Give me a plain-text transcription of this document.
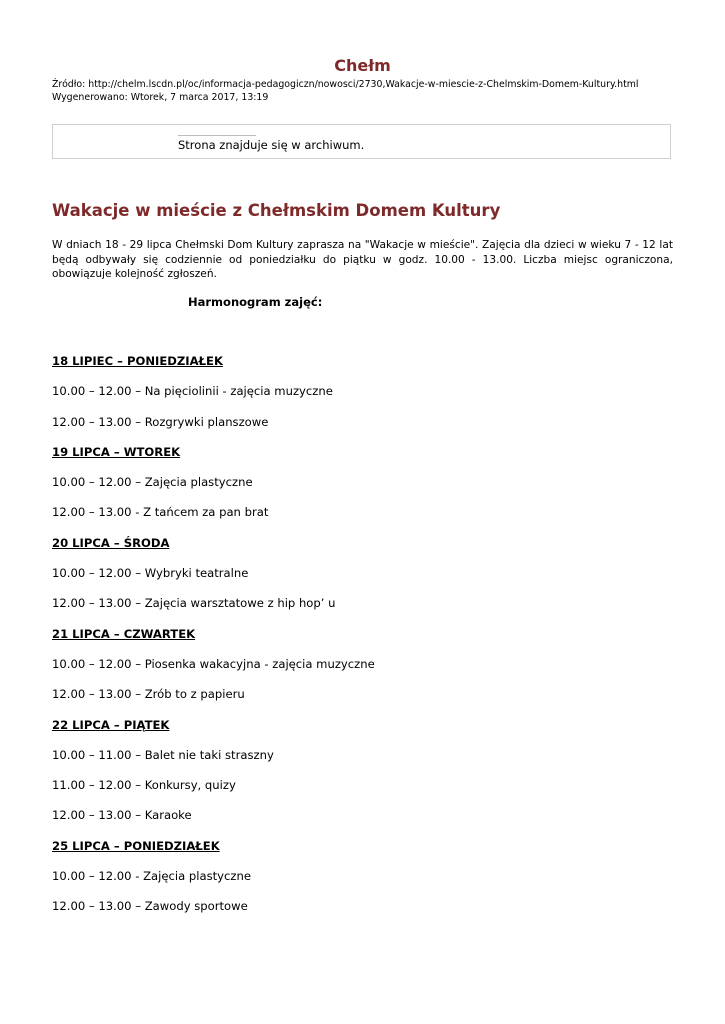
Chełm
Źródło: http://chelm.lscdn.pl/oc/informacja-pedagogiczn/nowosci/2730,Wakacje-w-miescie-z-Chelmskim-Domem-Kultury.html
Wygenerowano: Wtorek, 7 marca 2017, 13:19
Strona znajduje się w archiwum.
Wakacje w mieście z Chełmskim Domem Kultury

W dniach 18 - 29 lipca Chełmski Dom Kultury zaprasza na "Wakacje w mieście". Zajęcia dla dzieci w wieku 7 - 12 lat będą odbywały się codziennie od poniedziałku do piątku w godz. 10.00 - 13.00. Liczba miejsc ograniczona, obowiązuje kolejność zgłoszeń.

Harmonogram zajęć:
18 LIPIEC – PONIEDZIAŁEK
10.00 – 12.00 – Na pięciolinii - zajęcia muzyczne
12.00 – 13.00 – Rozgrywki planszowe
19 LIPCA – WTOREK
10.00 – 12.00 – Zajęcia plastyczne
12.00 – 13.00 - Z tańcem za pan brat
20 LIPCA – ŚRODA
10.00 – 12.00 – Wybryki teatralne
12.00 – 13.00 – Zajęcia warsztatowe z hip hop’ u
21 LIPCA – CZWARTEK
10.00 – 12.00 – Piosenka wakacyjna - zajęcia muzyczne
12.00 – 13.00 – Zrób to z papieru
22 LIPCA – PIĄTEK
10.00 – 11.00 – Balet nie taki straszny
11.00 – 12.00 – Konkursy, quizy
12.00 – 13.00 – Karaoke
25 LIPCA – PONIEDZIAŁEK
10.00 – 12.00 - Zajęcia plastyczne
12.00 – 13.00 – Zawody sportowe
